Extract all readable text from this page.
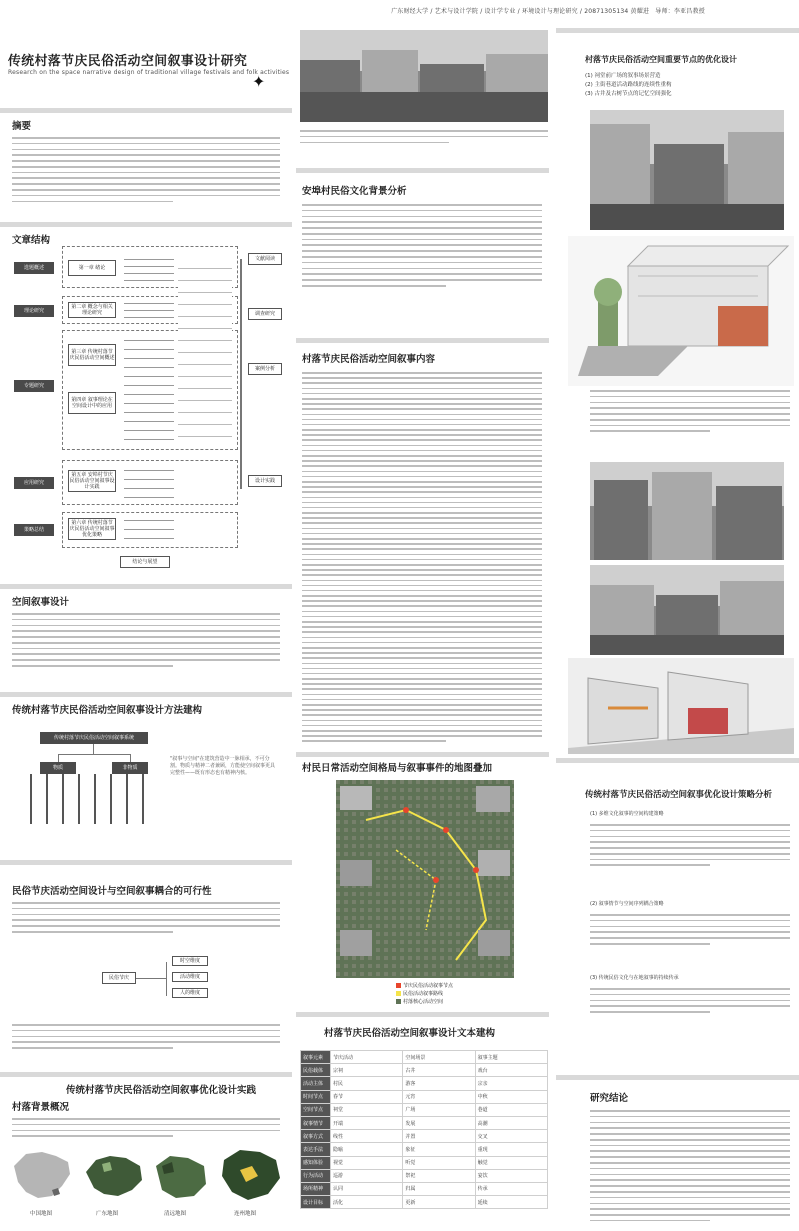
广东财经大学 / 艺术与设计学院 / 设计学专业 / 环境设计与理论研究 / 20871305134 黄耀进　导师：李亚昌教授
传统村落节庆民俗活动空间叙事设计研究
Research on the space narrative design of traditional village festivals and folk activities
✦
摘要
文章结构
选题概述
理论研究
专题研究
应用研究
策略总结
第一章 绪论
第二章 概念与相关理论研究
第三章 传统村落节庆民俗活动空间概述
第四章 叙事理论在空间设计中的应用
第五章 安埠村节庆民俗活动空间叙事设计实践
第六章 传统村落节庆民俗活动空间叙事优化策略
文献阅读
调查研究
案例分析
设计实践
结论与展望
空间叙事设计
传统村落节庆民俗活动空间叙事设计方法建构
传统村落节庆民俗活动空间叙事系统
物质	非物质
"叙事与空间"在建筑营造中一脉相承，不可分割。物质与精神二者兼顾，方能使空间叙事更具完整性——既有形态也有精神内核。
民俗节庆活动空间设计与空间叙事耦合的可行性
民俗节庆
时空维度
活动维度
人的维度
传统村落节庆民俗活动空间叙事优化设计实践
村落背景概况
中国地图	广东地图	清远地图	连州地图
安埠村民俗文化背景分析
村落节庆民俗活动空间叙事内容
村民日常活动空间格局与叙事事件的地图叠加
节庆民俗活动叙事节点
民俗活动叙事路线
村落核心活动空间
村落节庆民俗活动空间叙事设计文本建构
叙事元素	节庆活动	空间场景	叙事主题
民俗载体	宗祠	古井	戏台
活动主体	村民	游客	宗亲
时间节点	春节	元宵	中秋
空间节点	祠堂	广场	巷道
叙事情节	开端	发展	高潮
叙事方式	线性	并置	交叉
表达手法	隐喻	象征	重现
感知体验	视觉	听觉	触觉
行为活动	巡游	祭祀	宴饮
场所精神	认同	归属	传承
设计目标	活化	更新	延续
村落节庆民俗活动空间重要节点的优化设计
(1) 祠堂前广场的叙事场景营造
(2) 主街巷道活动路线的连续性重构
(3) 古井及古树节点的记忆空间强化
传统村落节庆民俗活动空间叙事优化设计策略分析
(1) 多维文化叙事的空间构建策略
(2) 叙事情节与空间序列耦合策略
(3) 传统民俗文化与在地叙事的持续传承
研究结论
